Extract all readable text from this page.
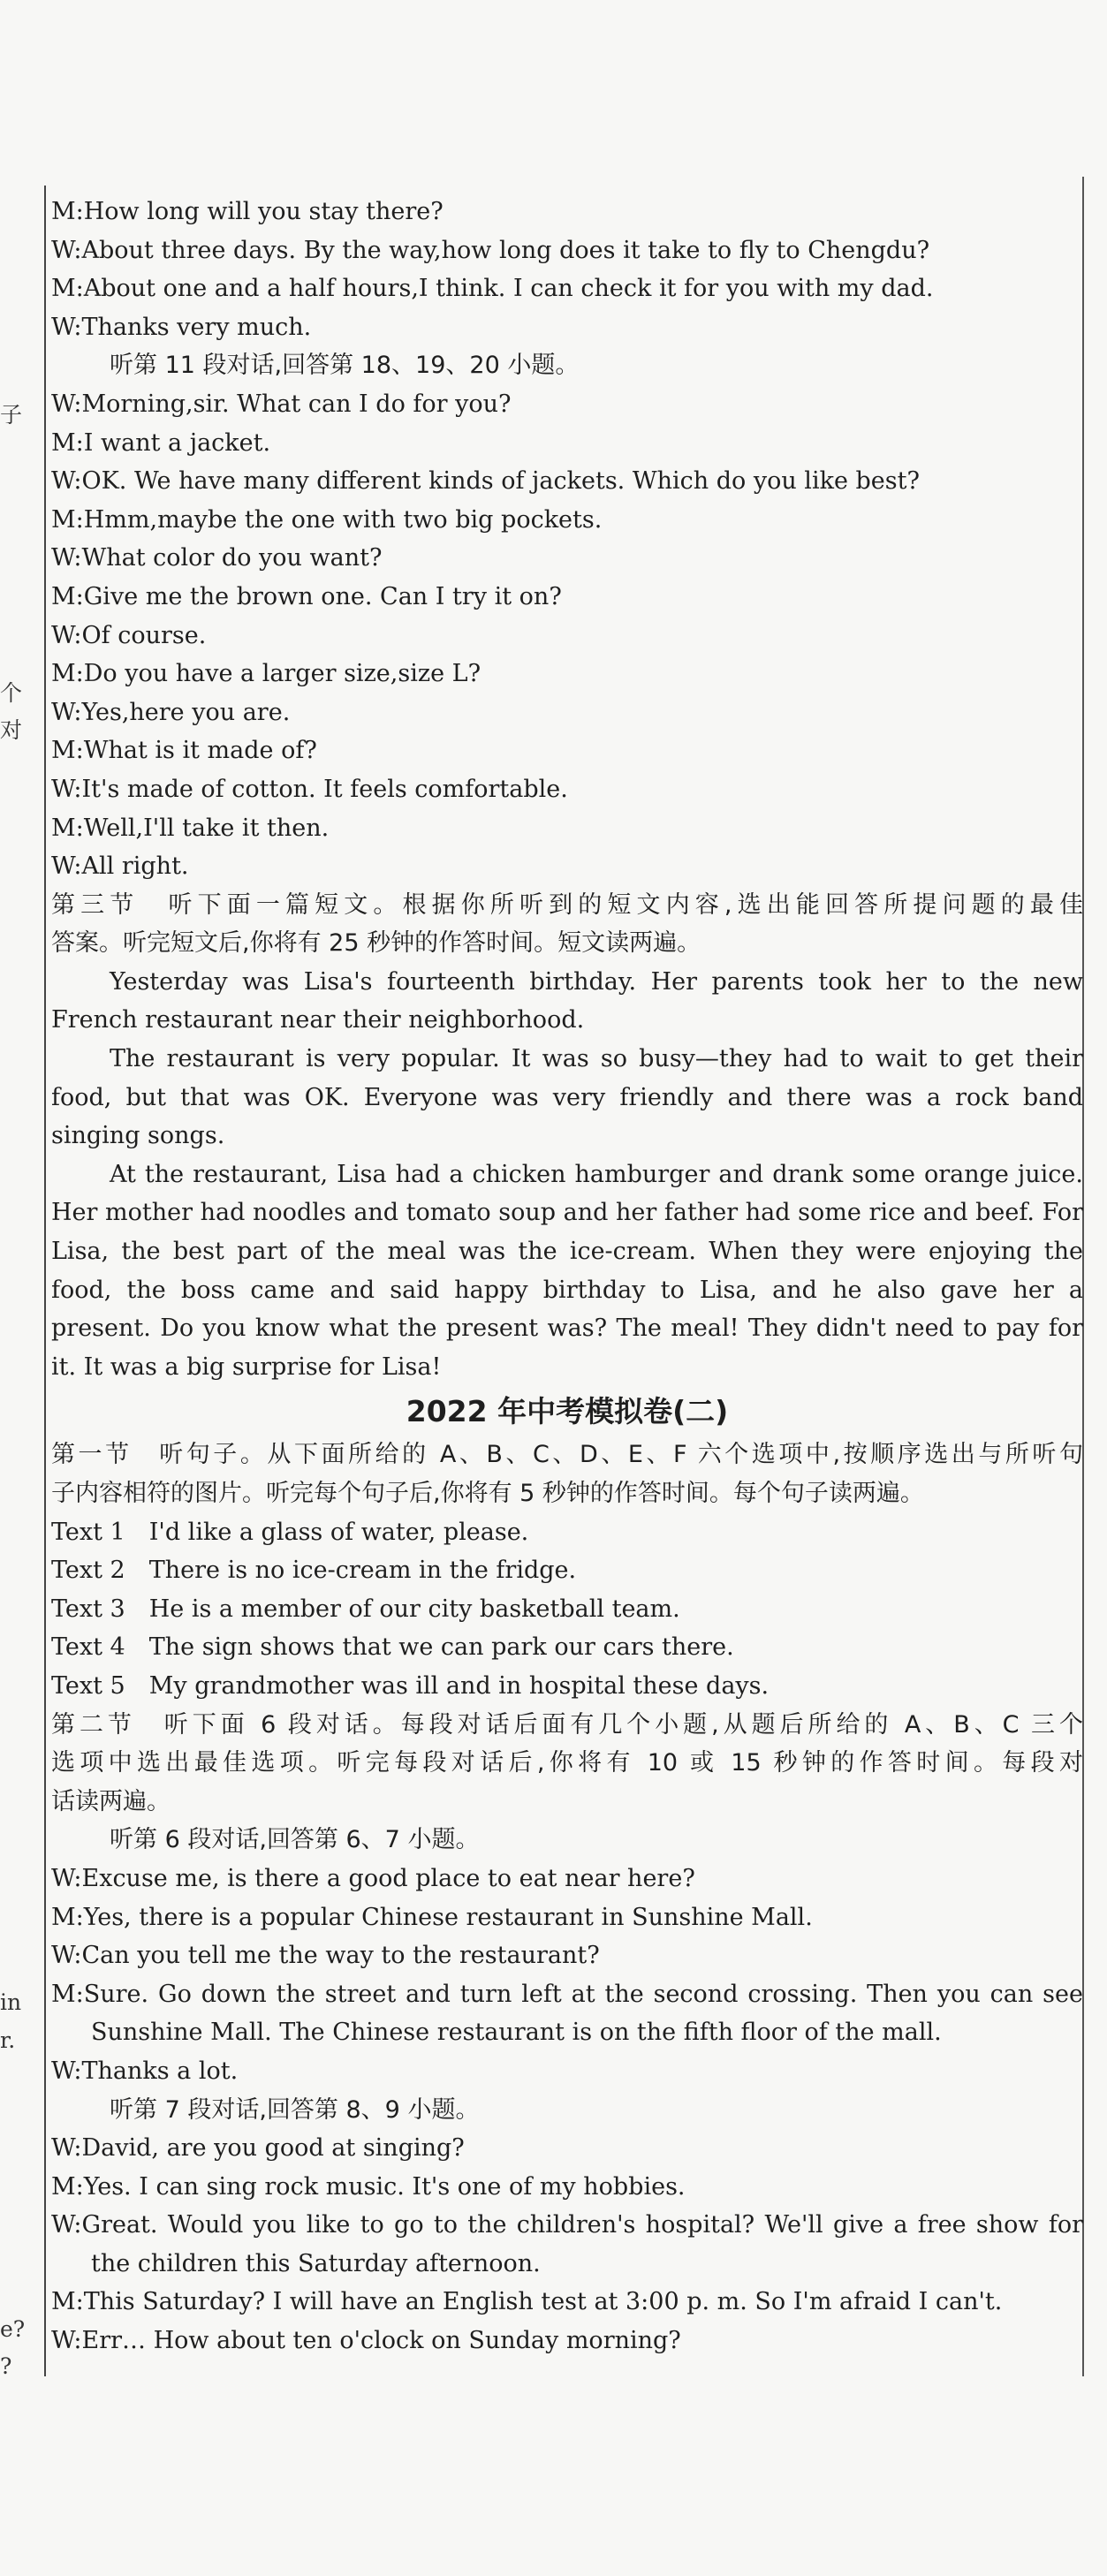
子
个
对
in
r.
e?
?
M:How long will you stay there?
W:About three days. By the way,how long does it take to fly to Chengdu?
M:About one and a half hours,I think. I can check it for you with my dad.
W:Thanks very much.
听第 11 段对话,回答第 18、19、20 小题。
W:Morning,sir. What can I do for you?
M:I want a jacket.
W:OK. We have many different kinds of jackets. Which do you like best?
M:Hmm,maybe the one with two big pockets.
W:What color do you want?
M:Give me the brown one. Can I try it on?
W:Of course.
M:Do you have a larger size,size L?
W:Yes,here you are.
M:What is it made of?
W:It's made of cotton. It feels comfortable.
M:Well,I'll take it then.
W:All right.
第三节　听下面一篇短文。根据你所听到的短文内容,选出能回答所提问题的最佳
答案。听完短文后,你将有 25 秒钟的作答时间。短文读两遍。
Yesterday was Lisa's fourteenth birthday. Her parents took her to the new
French restaurant near their neighborhood.
The restaurant is very popular. It was so busy—they had to wait to get their
food, but that was OK. Everyone was very friendly and there was a rock band
singing songs.
At the restaurant, Lisa had a chicken hamburger and drank some orange juice.
Her mother had noodles and tomato soup and her father had some rice and beef. For
Lisa, the best part of the meal was the ice-cream. When they were enjoying the
food, the boss came and said happy birthday to Lisa, and he also gave her a
present. Do you know what the present was? The meal! They didn't need to pay for
it. It was a big surprise for Lisa!
2022 年中考模拟卷(二)
第一节　听句子。从下面所给的 A、B、C、D、E、F 六个选项中,按顺序选出与所听句
子内容相符的图片。听完每个句子后,你将有 5 秒钟的作答时间。每个句子读两遍。
Text 1　I'd like a glass of water, please.
Text 2　There is no ice-cream in the fridge.
Text 3　He is a member of our city basketball team.
Text 4　The sign shows that we can park our cars there.
Text 5　My grandmother was ill and in hospital these days.
第二节　听下面 6 段对话。每段对话后面有几个小题,从题后所给的 A、B、C 三个
选项中选出最佳选项。听完每段对话后,你将有 10 或 15 秒钟的作答时间。每段对
话读两遍。
听第 6 段对话,回答第 6、7 小题。
W:Excuse me, is there a good place to eat near here?
M:Yes, there is a popular Chinese restaurant in Sunshine Mall.
W:Can you tell me the way to the restaurant?
M:Sure. Go down the street and turn left at the second crossing. Then you can see
Sunshine Mall. The Chinese restaurant is on the fifth floor of the mall.
W:Thanks a lot.
听第 7 段对话,回答第 8、9 小题。
W:David, are you good at singing?
M:Yes. I can sing rock music. It's one of my hobbies.
W:Great. Would you like to go to the children's hospital? We'll give a free show for
the children this Saturday afternoon.
M:This Saturday? I will have an English test at 3:00 p. m. So I'm afraid I can't.
W:Err… How about ten o'clock on Sunday morning?
